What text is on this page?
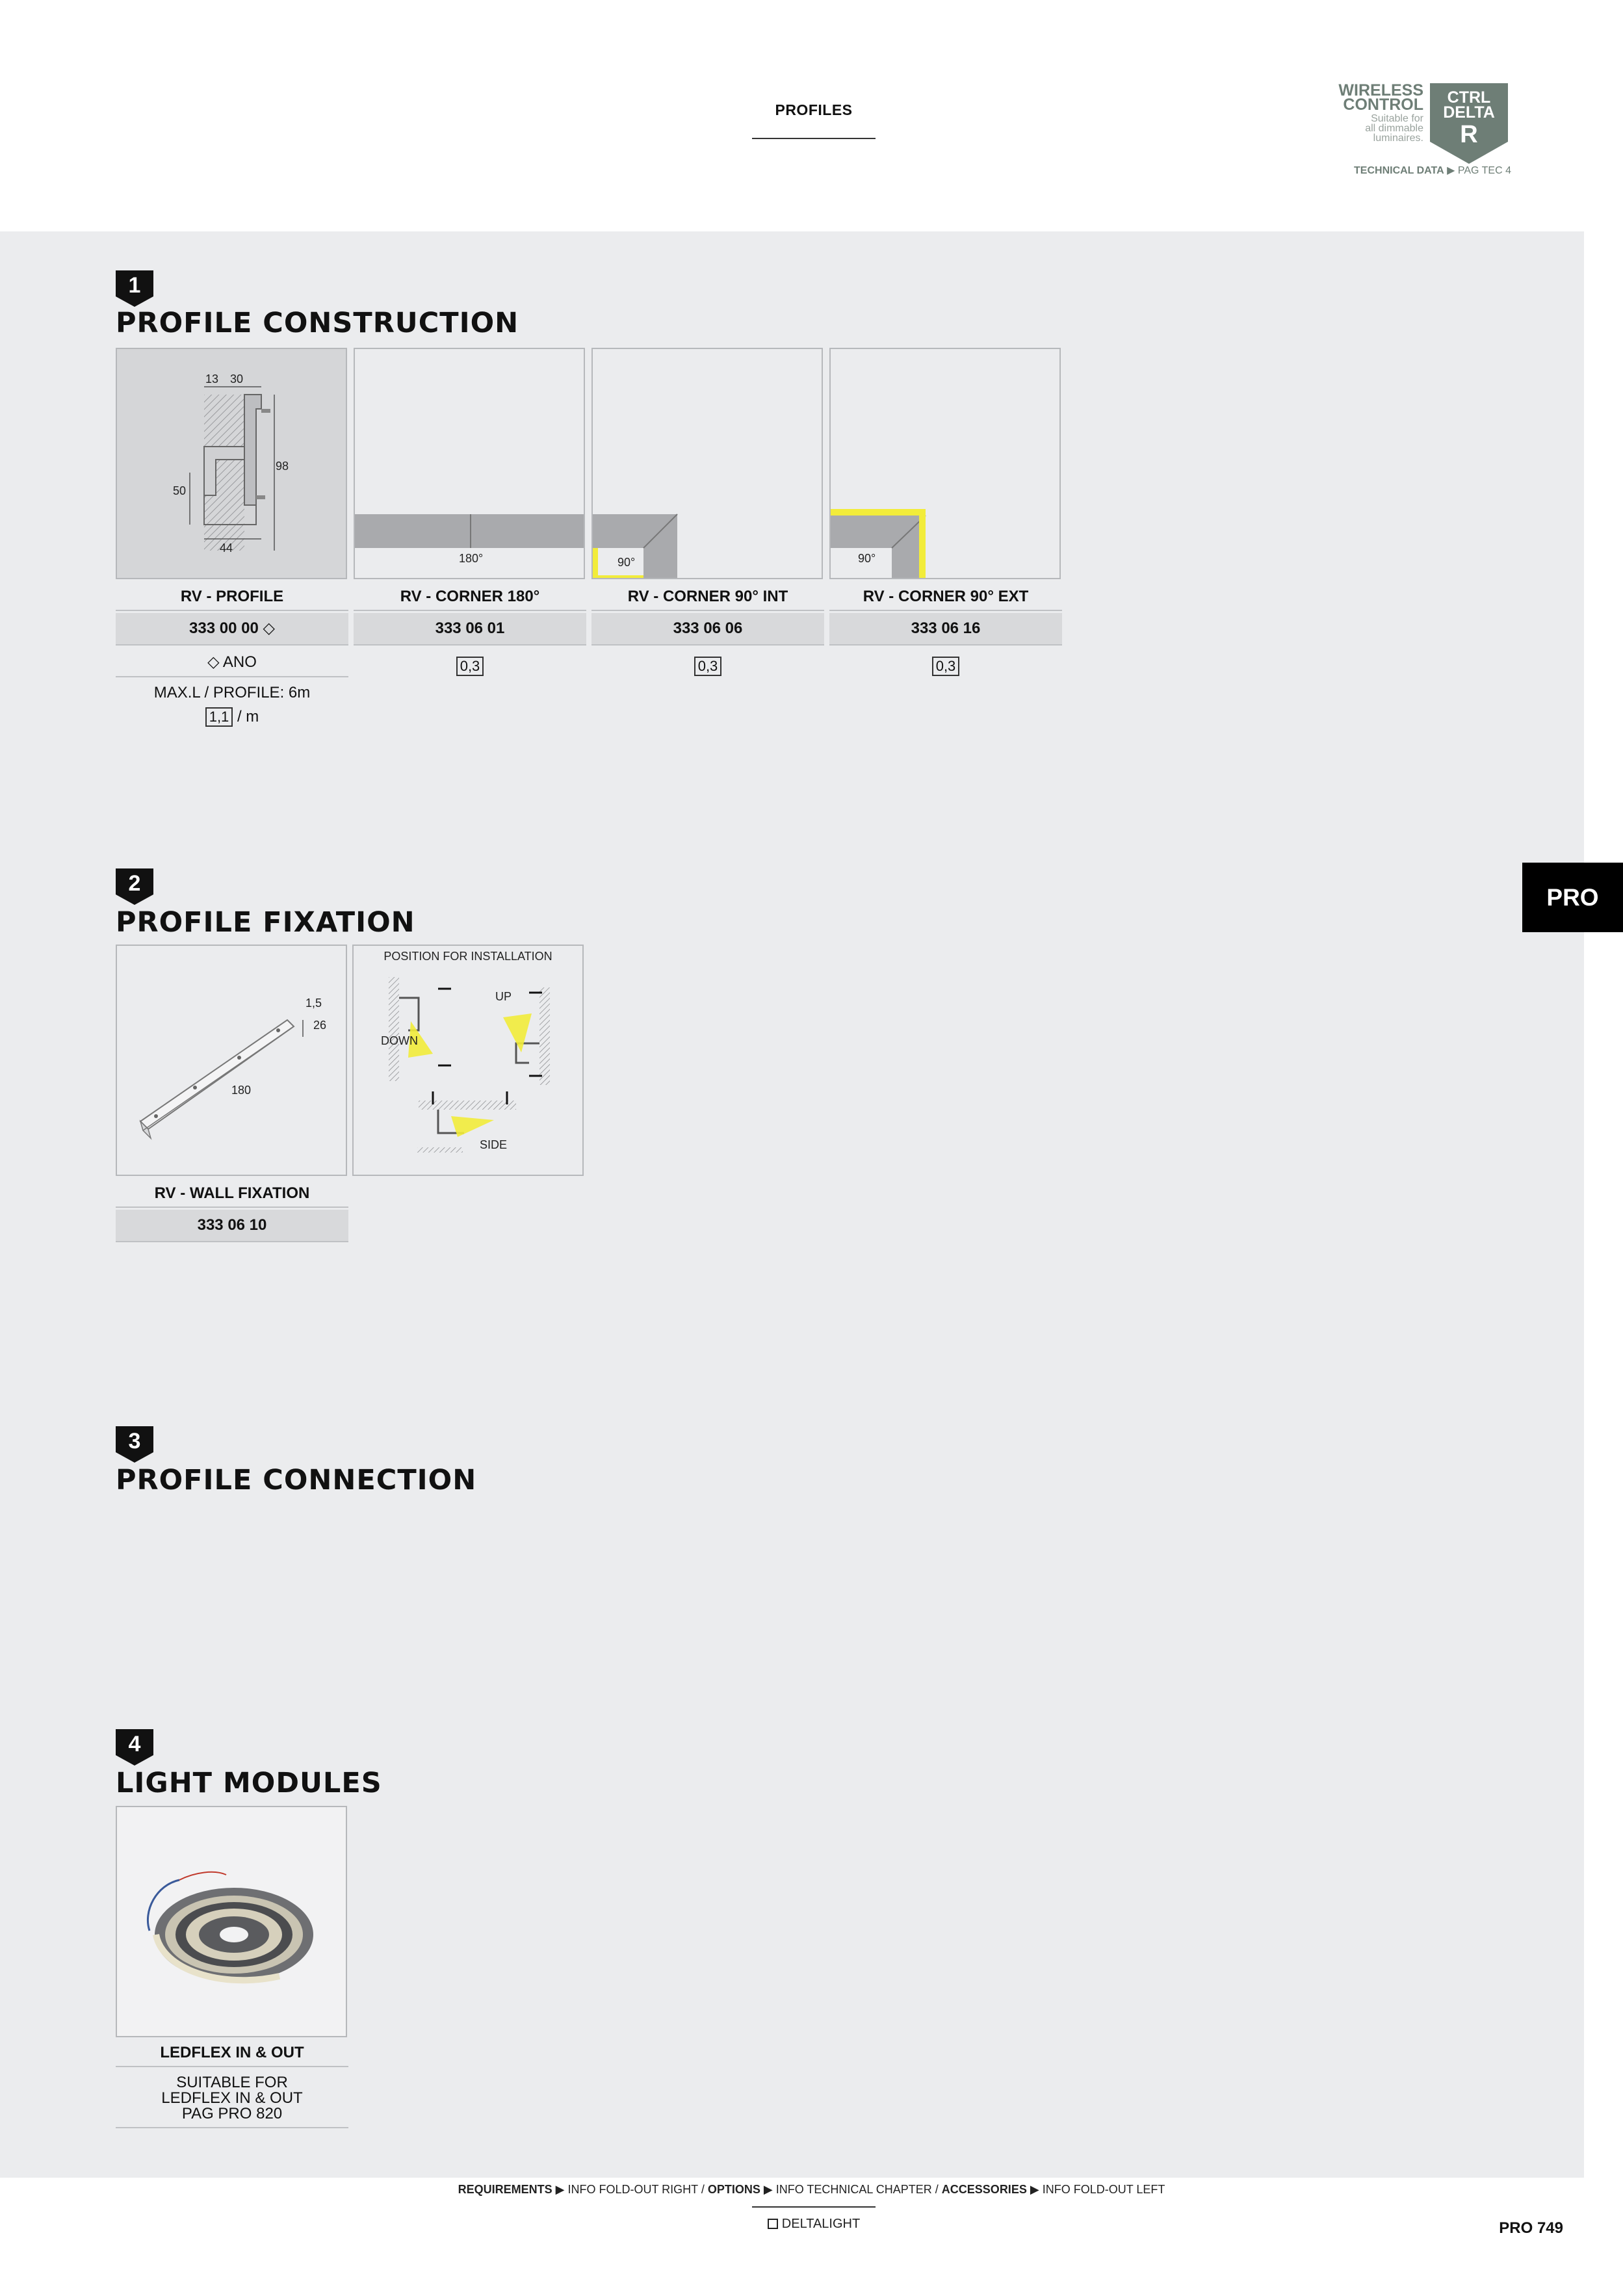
PROFILES
WIRELESS
CONTROL
Suitable for all dimmable luminaires.
CTRL
DELTA
R
TECHNICAL DATA ▶ PAG TEC 4
PRO
1
PROFILE CONSTRUCTION
13 30
98
50
44
180°	90°	90°
RV - PROFILE	RV - CORNER 180°	RV - CORNER 90° INT	RV - CORNER 90° EXT
333 00 00 ◇	333 06 01	333 06 06	333 06 16
◇ ANO
MAX.L / PROFILE: 6m
1,1 / m
0,3	0,3	0,3
2
PROFILE FIXATION
1,5
26
180
POSITION FOR INSTALLATION
UP
DOWN
SIDE
RV - WALL FIXATION
333 06 10
3
PROFILE CONNECTION
4
LIGHT MODULES
LEDFLEX IN & OUT
SUITABLE FOR
LEDFLEX IN & OUT
PAG PRO 820
REQUIREMENTS ▶ INFO FOLD-OUT RIGHT / OPTIONS ▶ INFO TECHNICAL CHAPTER / ACCESSORIES ▶ INFO FOLD-OUT LEFT
DELTALIGHT	PRO 749
